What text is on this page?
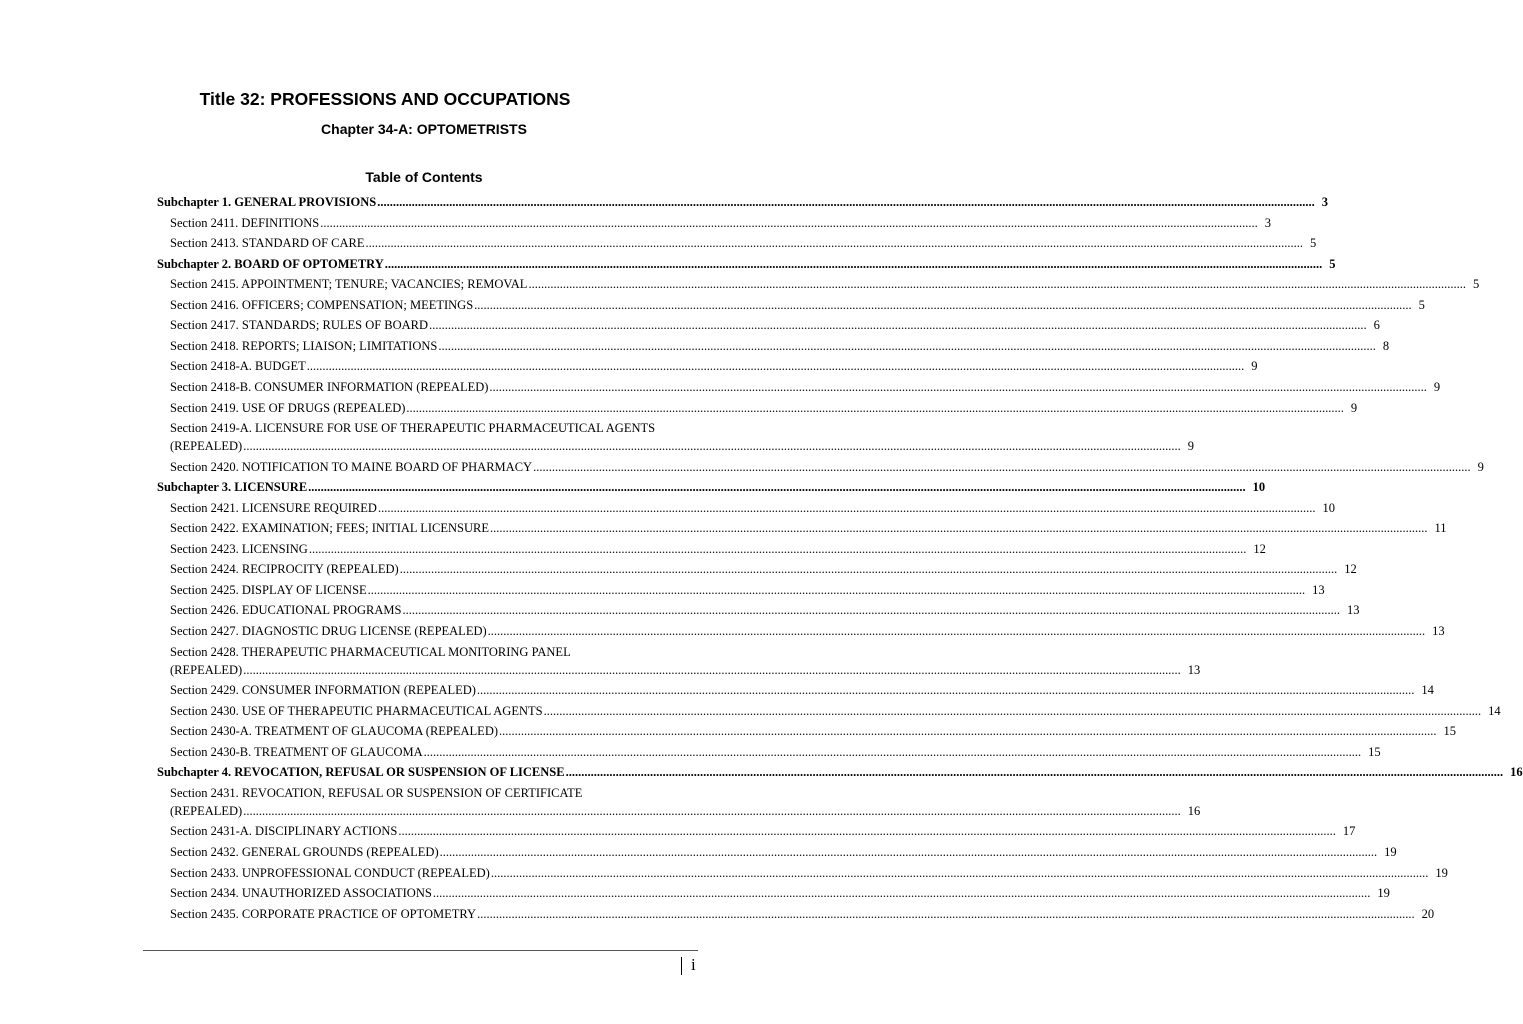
Title 32: PROFESSIONS AND OCCUPATIONS
Chapter 34-A: OPTOMETRISTS
Table of Contents
Subchapter 1. GENERAL PROVISIONS ............................................................................................................................................................................................................................................................................................................ 3
Section 2411. DEFINITIONS ............................................................................................................................................................................................................................................................................................................ 3
Section 2413. STANDARD OF CARE ............................................................................................................................................................................................................................................................................................................ 5
Subchapter 2. BOARD OF OPTOMETRY ............................................................................................................................................................................................................................................................................................................ 5
Section 2415. APPOINTMENT; TENURE; VACANCIES; REMOVAL ............................................................................................................................................................................................................................................................................................................ 5
Section 2416. OFFICERS; COMPENSATION; MEETINGS ............................................................................................................................................................................................................................................................................................................ 5
Section 2417. STANDARDS; RULES OF BOARD ............................................................................................................................................................................................................................................................................................................ 6
Section 2418. REPORTS; LIAISON; LIMITATIONS ............................................................................................................................................................................................................................................................................................................ 8
Section 2418-A. BUDGET ............................................................................................................................................................................................................................................................................................................ 9
Section 2418-B. CONSUMER INFORMATION (REPEALED) ............................................................................................................................................................................................................................................................................................................ 9
Section 2419. USE OF DRUGS (REPEALED) ............................................................................................................................................................................................................................................................................................................ 9
Section 2419-A. LICENSURE FOR USE OF THERAPEUTIC PHARMACEUTICAL AGENTS
(REPEALED) ............................................................................................................................................................................................................................................................................................................ 9
Section 2420. NOTIFICATION TO MAINE BOARD OF PHARMACY ............................................................................................................................................................................................................................................................................................................ 9
Subchapter 3. LICENSURE ............................................................................................................................................................................................................................................................................................................ 10
Section 2421. LICENSURE REQUIRED ............................................................................................................................................................................................................................................................................................................ 10
Section 2422. EXAMINATION; FEES; INITIAL LICENSURE ............................................................................................................................................................................................................................................................................................................ 11
Section 2423. LICENSING ............................................................................................................................................................................................................................................................................................................ 12
Section 2424. RECIPROCITY (REPEALED) ............................................................................................................................................................................................................................................................................................................ 12
Section 2425. DISPLAY OF LICENSE ............................................................................................................................................................................................................................................................................................................ 13
Section 2426. EDUCATIONAL PROGRAMS ............................................................................................................................................................................................................................................................................................................ 13
Section 2427. DIAGNOSTIC DRUG LICENSE (REPEALED) ............................................................................................................................................................................................................................................................................................................ 13
Section 2428. THERAPEUTIC PHARMACEUTICAL MONITORING PANEL
(REPEALED) ............................................................................................................................................................................................................................................................................................................ 13
Section 2429. CONSUMER INFORMATION (REPEALED) ............................................................................................................................................................................................................................................................................................................ 14
Section 2430. USE OF THERAPEUTIC PHARMACEUTICAL AGENTS ............................................................................................................................................................................................................................................................................................................ 14
Section 2430-A. TREATMENT OF GLAUCOMA (REPEALED) ............................................................................................................................................................................................................................................................................................................ 15
Section 2430-B. TREATMENT OF GLAUCOMA ............................................................................................................................................................................................................................................................................................................ 15
Subchapter 4. REVOCATION, REFUSAL OR SUSPENSION OF LICENSE ............................................................................................................................................................................................................................................................................................................ 16
Section 2431. REVOCATION, REFUSAL OR SUSPENSION OF CERTIFICATE
(REPEALED) ............................................................................................................................................................................................................................................................................................................ 16
Section 2431-A. DISCIPLINARY ACTIONS ............................................................................................................................................................................................................................................................................................................ 17
Section 2432. GENERAL GROUNDS (REPEALED) ............................................................................................................................................................................................................................................................................................................ 19
Section 2433. UNPROFESSIONAL CONDUCT (REPEALED) ............................................................................................................................................................................................................................................................................................................ 19
Section 2434. UNAUTHORIZED ASSOCIATIONS ............................................................................................................................................................................................................................................................................................................ 19
Section 2435. CORPORATE PRACTICE OF OPTOMETRY ............................................................................................................................................................................................................................................................................................................ 20
i
